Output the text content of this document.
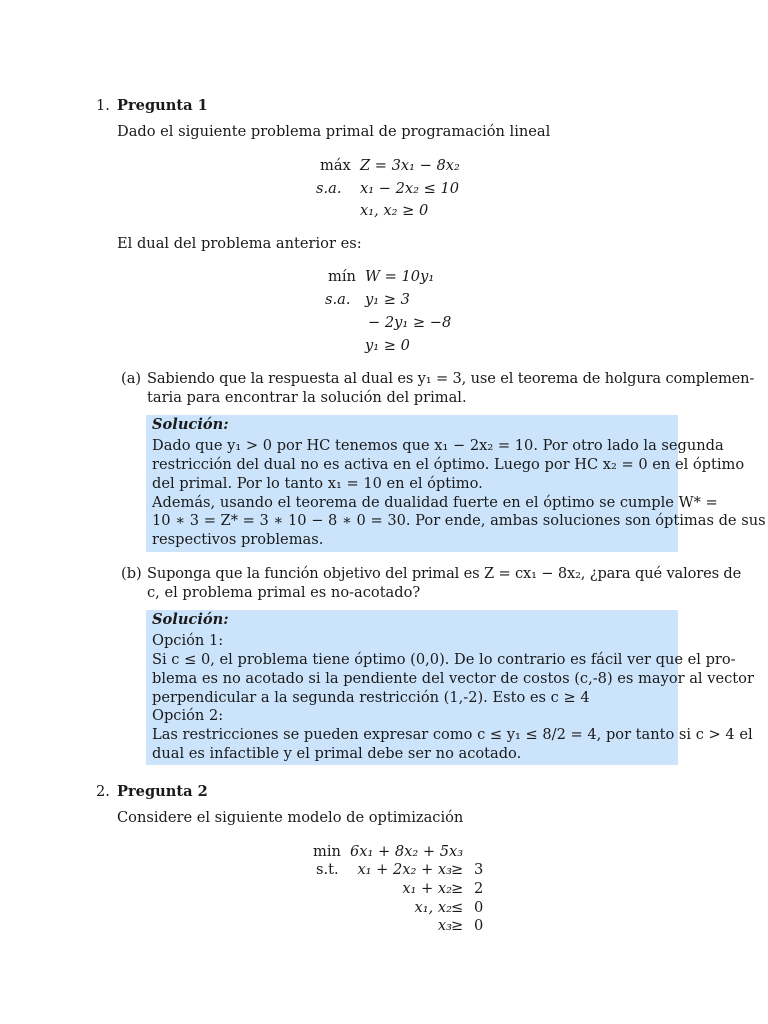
1. Pregunta 1
Dado el siguiente problema primal de programación lineal
máx Z = 3x₁ − 8x₂
s.a. x₁ − 2x₂ ≤ 10
x₁, x₂ ≥ 0
El dual del problema anterior es:
mín W = 10y₁
s.a. y₁ ≥ 3
− 2y₁ ≥ −8
y₁ ≥ 0
(a) Sabiendo que la respuesta al dual es y₁ = 3, use el teorema de holgura complemen-
taria para encontrar la solución del primal.
Solución:
Dado que y₁ > 0 por HC tenemos que x₁ − 2x₂ = 10. Por otro lado la segunda
restricción del dual no es activa en el óptimo. Luego por HC x₂ = 0 en el óptimo
del primal. Por lo tanto x₁ = 10 en el óptimo.
Además, usando el teorema de dualidad fuerte en el óptimo se cumple W* =
10 ∗ 3 = Z* = 3 ∗ 10 − 8 ∗ 0 = 30. Por ende, ambas soluciones son óptimas de sus
respectivos problemas.
(b) Suponga que la función objetivo del primal es Z = cx₁ − 8x₂, ¿para qué valores de
c, el problema primal es no-acotado?
Solución:
Opción 1:
Si c ≤ 0, el problema tiene óptimo (0,0). De lo contrario es fácil ver que el pro-
blema es no acotado si la pendiente del vector de costos (c,-8) es mayor al vector
perpendicular a la segunda restricción (1,-2). Esto es c ≥ 4
Opción 2:
Las restricciones se pueden expresar como c ≤ y₁ ≤ 8/2 = 4, por tanto si c > 4 el
dual es infactible y el primal debe ser no acotado.
2. Pregunta 2
Considere el siguiente modelo de optimización
min 6x₁ + 8x₂ + 5x₃
s.t. x₁ + 2x₂ + x₃ ≥ 3
x₁ + x₂ ≥ 2
x₁, x₂ ≤ 0
x₃ ≥ 0
